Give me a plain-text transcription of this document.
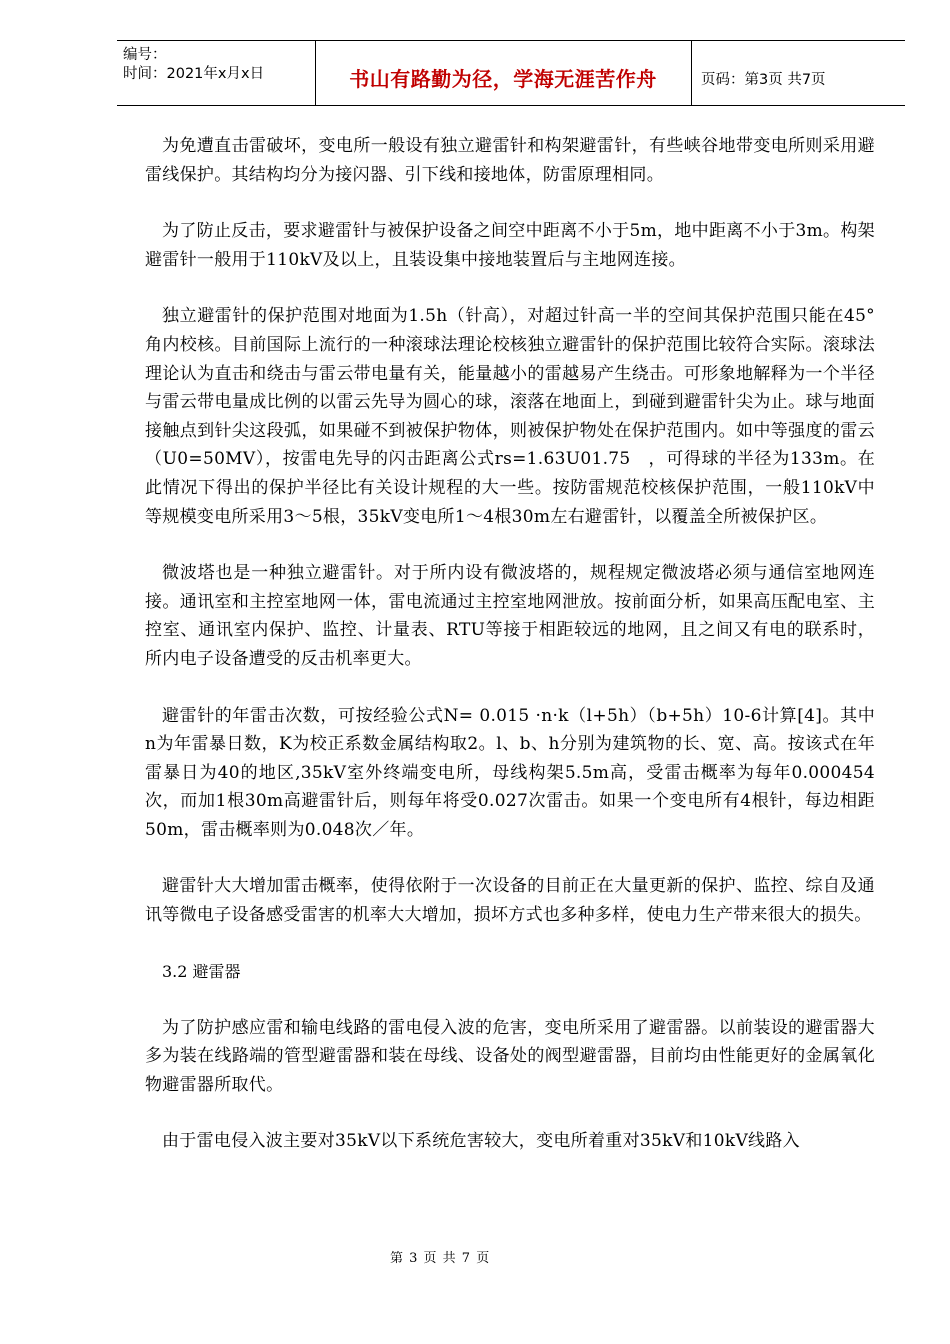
编号：
时间：2021年x月x日	书山有路勤为径，学海无涯苦作舟	页码：第3页 共7页

为免遭直击雷破坏，变电所一般设有独立避雷针和构架避雷针，有些峡谷地带变电所则采用避雷线保护。其结构均分为接闪器、引下线和接地体，防雷原理相同。

为了防止反击，要求避雷针与被保护设备之间空中距离不小于5m，地中距离不小于3m。构架避雷针一般用于110kV及以上，且装设集中接地装置后与主地网连接。

独立避雷针的保护范围对地面为1.5h（针高），对超过针高一半的空间其保护范围只能在45°角内校核。目前国际上流行的一种滚球法理论校核独立避雷针的保护范围比较符合实际。滚球法理论认为直击和绕击与雷云带电量有关，能量越小的雷越易产生绕击。可形象地解释为一个半径与雷云带电量成比例的以雷云先导为圆心的球，滚落在地面上，到碰到避雷针尖为止。球与地面接触点到针尖这段弧，如果碰不到被保护物体，则被保护物处在保护范围内。如中等强度的雷云（U0=50MV），按雷电先导的闪击距离公式rs=1.63U01.75　，可得球的半径为133m。在此情况下得出的保护半径比有关设计规程的大一些。按防雷规范校核保护范围，一般110kV中等规模变电所采用3～5根，35kV变电所1～4根30m左右避雷针，以覆盖全所被保护区。

微波塔也是一种独立避雷针。对于所内设有微波塔的，规程规定微波塔必须与通信室地网连接。通讯室和主控室地网一体，雷电流通过主控室地网泄放。按前面分析，如果高压配电室、主控室、通讯室内保护、监控、计量表、RTU等接于相距较远的地网，且之间又有电的联系时，所内电子设备遭受的反击机率更大。

避雷针的年雷击次数，可按经验公式N= 0.015 ·n·k（l+5h）（b+5h）10-6计算[4]。其中n为年雷暴日数，K为校正系数金属结构取2。l、b、h分别为建筑物的长、宽、高。按该式在年雷暴日为40的地区,35kV室外终端变电所，母线构架5.5m高，受雷击概率为每年0.000454次，而加1根30m高避雷针后，则每年将受0.027次雷击。如果一个变电所有4根针，每边相距50m，雷击概率则为0.048次／年。

避雷针大大增加雷击概率，使得依附于一次设备的目前正在大量更新的保护、监控、综自及通讯等微电子设备感受雷害的机率大大增加，损坏方式也多种多样，使电力生产带来很大的损失。

3.2 避雷器

为了防护感应雷和输电线路的雷电侵入波的危害，变电所采用了避雷器。以前装设的避雷器大多为装在线路端的管型避雷器和装在母线、设备处的阀型避雷器，目前均由性能更好的金属氧化物避雷器所取代。

由于雷电侵入波主要对35kV以下系统危害较大，变电所着重对35kV和10kV线路入

第 3 页 共 7 页
